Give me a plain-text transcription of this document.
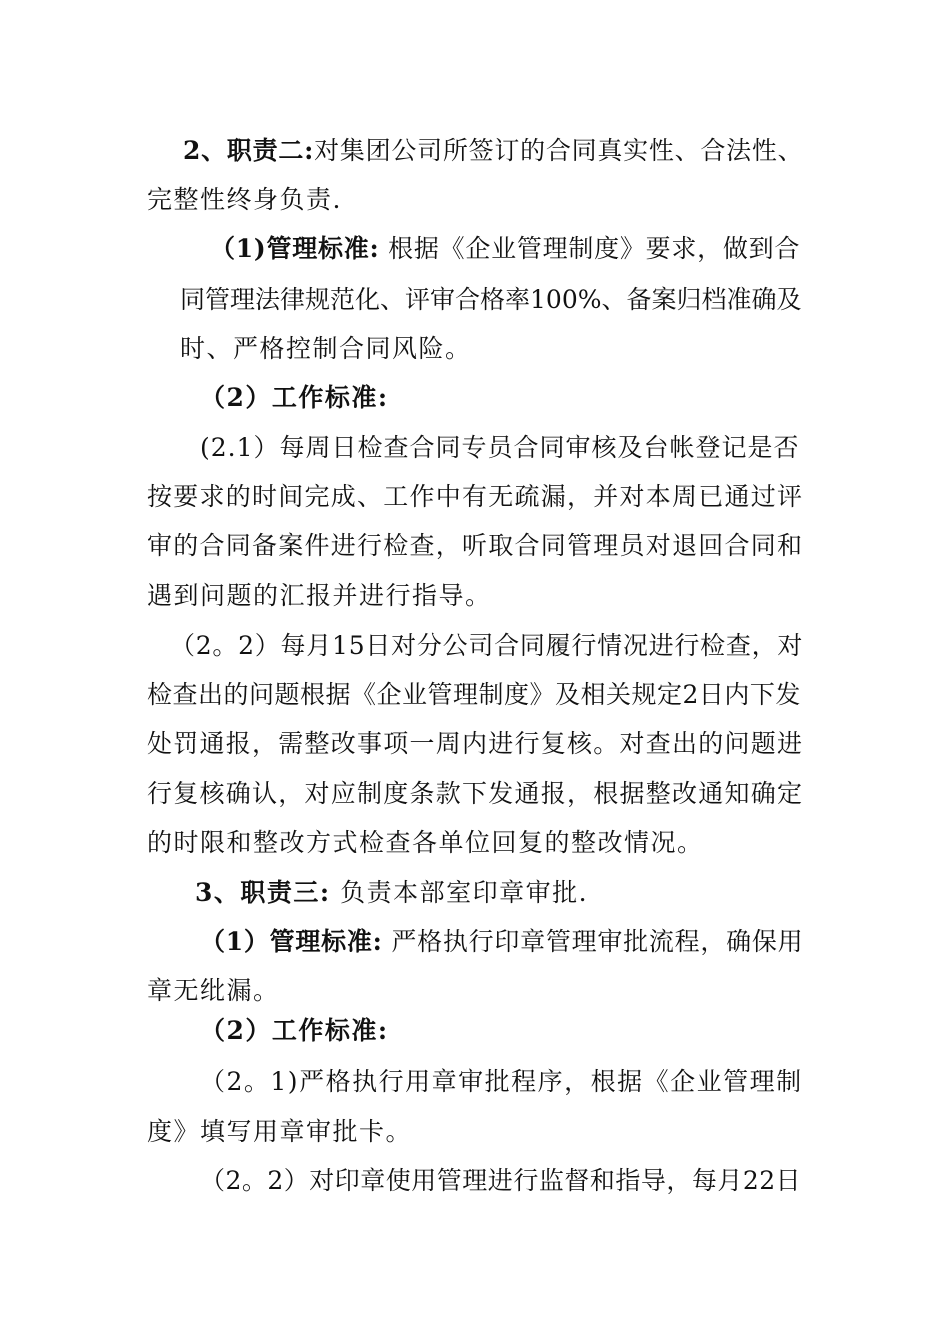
2、职责二:对集团公司所签订的合同真实性、合法性、
完整性终身负责.
（1)管理标准: 根据《企业管理制度》要求，做到合
同管理法律规范化、评审合格率100%、备案归档准确及
时、严格控制合同风险。
（2）工作标准:
(2.1）每周日检查合同专员合同审核及台帐登记是否
按要求的时间完成、工作中有无疏漏，并对本周已通过评
审的合同备案件进行检查，听取合同管理员对退回合同和
遇到问题的汇报并进行指导。
（2。2）每月15日对分公司合同履行情况进行检查，对
检查出的问题根据《企业管理制度》及相关规定2日内下发
处罚通报，需整改事项一周内进行复核。对查出的问题进
行复核确认，对应制度条款下发通报，根据整改通知确定
的时限和整改方式检查各单位回复的整改情况。
3、职责三: 负责本部室印章审批.
（1）管理标准: 严格执行印章管理审批流程，确保用
章无纰漏。
（2）工作标准:
（2。1)严格执行用章审批程序，根据《企业管理制
度》填写用章审批卡。
（2。2）对印章使用管理进行监督和指导，每月22日
